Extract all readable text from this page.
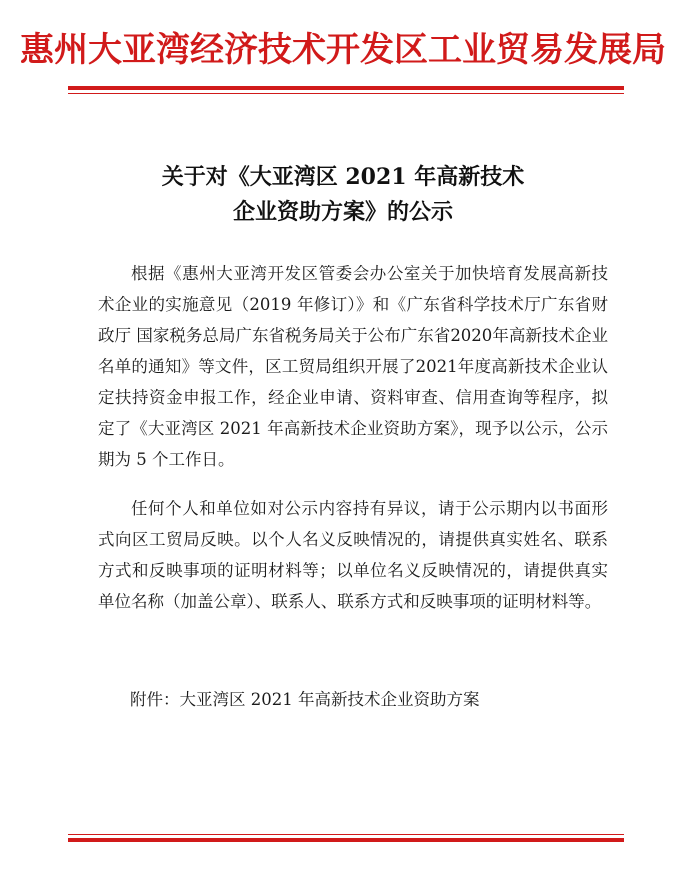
惠州大亚湾经济技术开发区工业贸易发展局
关于对《大亚湾区 2021 年高新技术
企业资助方案》的公示

根据《惠州大亚湾开发区管委会办公室关于加快培育发展高新技术企业的实施意见（2019 年修订）》和《广东省科学技术厅广东省财政厅 国家税务总局广东省税务局关于公布广东省2020年高新技术企业名单的通知》等文件，区工贸局组织开展了2021年度高新技术企业认定扶持资金申报工作，经企业申请、资料审查、信用查询等程序，拟定了《大亚湾区 2021 年高新技术企业资助方案》，现予以公示，公示期为 5 个工作日。

任何个人和单位如对公示内容持有异议，请于公示期内以书面形式向区工贸局反映。以个人名义反映情况的，请提供真实姓名、联系方式和反映事项的证明材料等；以单位名义反映情况的，请提供真实单位名称（加盖公章）、联系人、联系方式和反映事项的证明材料等。

附件：大亚湾区 2021 年高新技术企业资助方案
